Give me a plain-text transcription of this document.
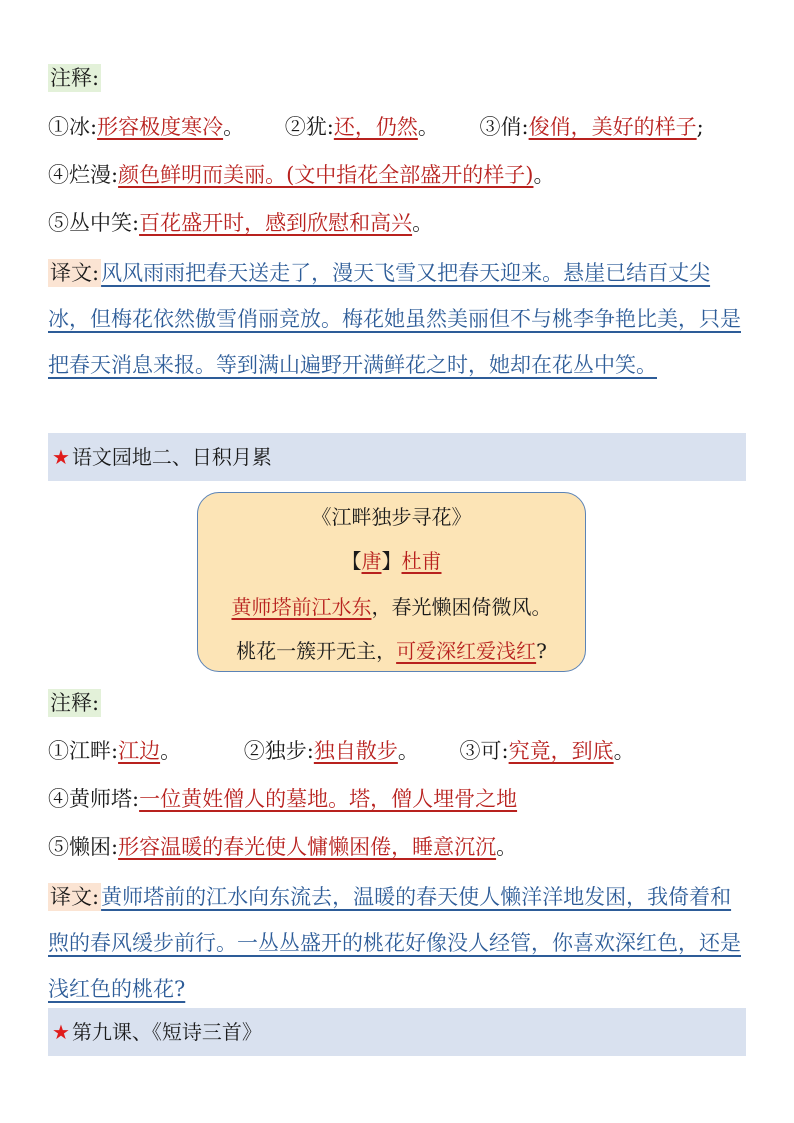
注释:
①冰:形容极度寒冷。 ②犹:还，仍然。 ③俏:俊俏，美好的样子;
④烂漫:颜色鲜明而美丽。(文中指花全部盛开的样子)。
⑤丛中笑:百花盛开时，感到欣慰和高兴。
译文:风风雨雨把春天送走了，漫天飞雪又把春天迎来。悬崖已结百丈尖冰，但梅花依然傲雪俏丽竞放。梅花她虽然美丽但不与桃李争艳比美，只是把春天消息来报。等到满山遍野开满鲜花之时，她却在花丛中笑。
★ 语文园地二、日积月累
《江畔独步寻花》
【唐】杜甫
黄师塔前江水东，春光懒困倚微风。
桃花一簇开无主，可爱深红爱浅红?
注释:
①江畔:江边。	②独步:独自散步。 ③可:究竟，到底。
④黄师塔:一位黄姓僧人的墓地。塔，僧人埋骨之地
⑤懒困:形容温暖的春光使人慵懒困倦，睡意沉沉。
译文:黄师塔前的江水向东流去，温暖的春天使人懒洋洋地发困，我倚着和煦的春风缓步前行。一丛丛盛开的桃花好像没人经管，你喜欢深红色，还是浅红色的桃花?
★ 第九课、《短诗三首》
